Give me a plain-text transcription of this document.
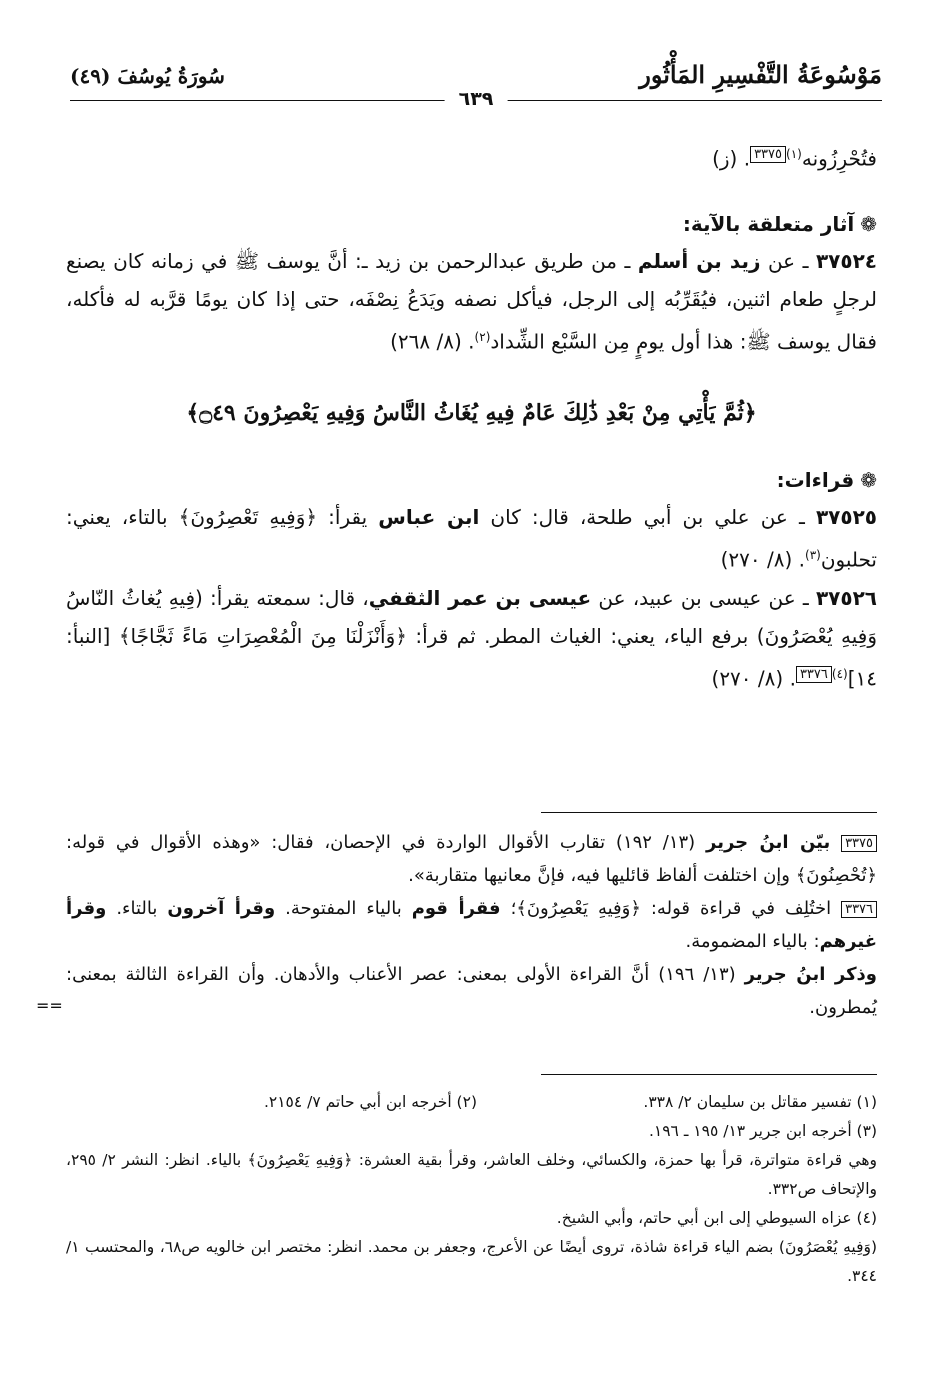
مَوْسُوعَةُ التَّفْسِيرِ المَأْثُور
سُورَةُ يُوسُفَ (٤٩)
٦٣٩

فتُحْرِزُونه$^{(١)}$٣٣٧٥. (ز)

❁آثار متعلقة بالآية:

٣٧٥٢٤ ـ عن زيد بن أسلم ـ من طريق عبدالرحمن بن زيد ـ: أنَّ يوسف ﷺ في زمانه كان يصنع لرجلٍ طعام اثنين، فيُقَرِّبُه إلى الرجل، فيأكل نصفه ويَدَعُ نِصْفَه، حتى إذا كان يومًا قرَّبه له فأكله، فقال يوسف ﷺ: هذا أول يومٍ مِن السَّبْع الشِّداد$^{(٢)}$. (٨/ ٢٦٨)

﴿ثُمَّ يَأْتِي مِنْ بَعْدِ ذَٰلِكَ عَامٌ فِيهِ يُغَاثُ النَّاسُ وَفِيهِ يَعْصِرُونَ ۝٤٩﴾

❁قراءات:

٣٧٥٢٥ ـ عن علي بن أبي طلحة، قال: كان ابن عباس يقرأ: ﴿وَفِيهِ تَعْصِرُونَ﴾ بالتاء، يعني: تحلبون$^{(٣)}$. (٨/ ٢٧٠)

٣٧٥٢٦ ـ عن عيسى بن عبيد، عن عيسى بن عمر الثقفي، قال: سمعته يقرأ: (فِيهِ يُغاثُ النّاسُ وَفِيهِ يُعْصَرُونَ) برفع الياء، يعني: الغياث المطر. ثم قرأ: ﴿وَأَنْزَلْنَا مِنَ الْمُعْصِرَاتِ مَاءً ثَجَّاجًا﴾ [النبأ: ١٤]$^{(٤)}$٣٣٧٦. (٨/ ٢٧٠)

٣٣٧٥ بيّن ابنُ جرير (١٣/ ١٩٢) تقارب الأقوال الواردة في الإحصان، فقال: «وهذه الأقوال في قوله: ﴿تُحْصِنُونَ﴾ وإن اختلفت ألفاظ قائليها فيه، فإنَّ معانيها متقاربة».

٣٣٧٦ اختُلِف في قراءة قوله: ﴿وَفِيهِ يَعْصِرُونَ﴾؛ فقرأ قوم بالياء المفتوحة. وقرأ آخرون بالتاء. وقرأ غيرهم: بالياء المضمومة.

وذكر ابنُ جرير (١٣/ ١٩٦) أنَّ القراءة الأولى بمعنى: عصر الأعناب والأدهان. وأن القراءة الثالثة بمعنى: يُمطرون.

==
(١) تفسير مقاتل بن سليمان ٢/ ٣٣٨.
(٢) أخرجه ابن أبي حاتم ٧/ ٢١٥٤.

(٣) أخرجه ابن جرير ١٣/ ١٩٥ ـ ١٩٦.

وهي قراءة متواترة، قرأ بها حمزة، والكسائي، وخلف العاشر، وقرأ بقية العشرة: ﴿وَفِيهِ يَعْصِرُونَ﴾ بالياء. انظر: النشر ٢/ ٢٩٥، والإتحاف ص٣٣٢.

(٤) عزاه السيوطي إلى ابن أبي حاتم، وأبي الشيخ.

(وَفِيهِ يُعْصَرُونَ) بضم الياء قراءة شاذة، تروى أيضًا عن الأعرج، وجعفر بن محمد. انظر: مختصر ابن خالويه ص٦٨، والمحتسب ١/ ٣٤٤.
